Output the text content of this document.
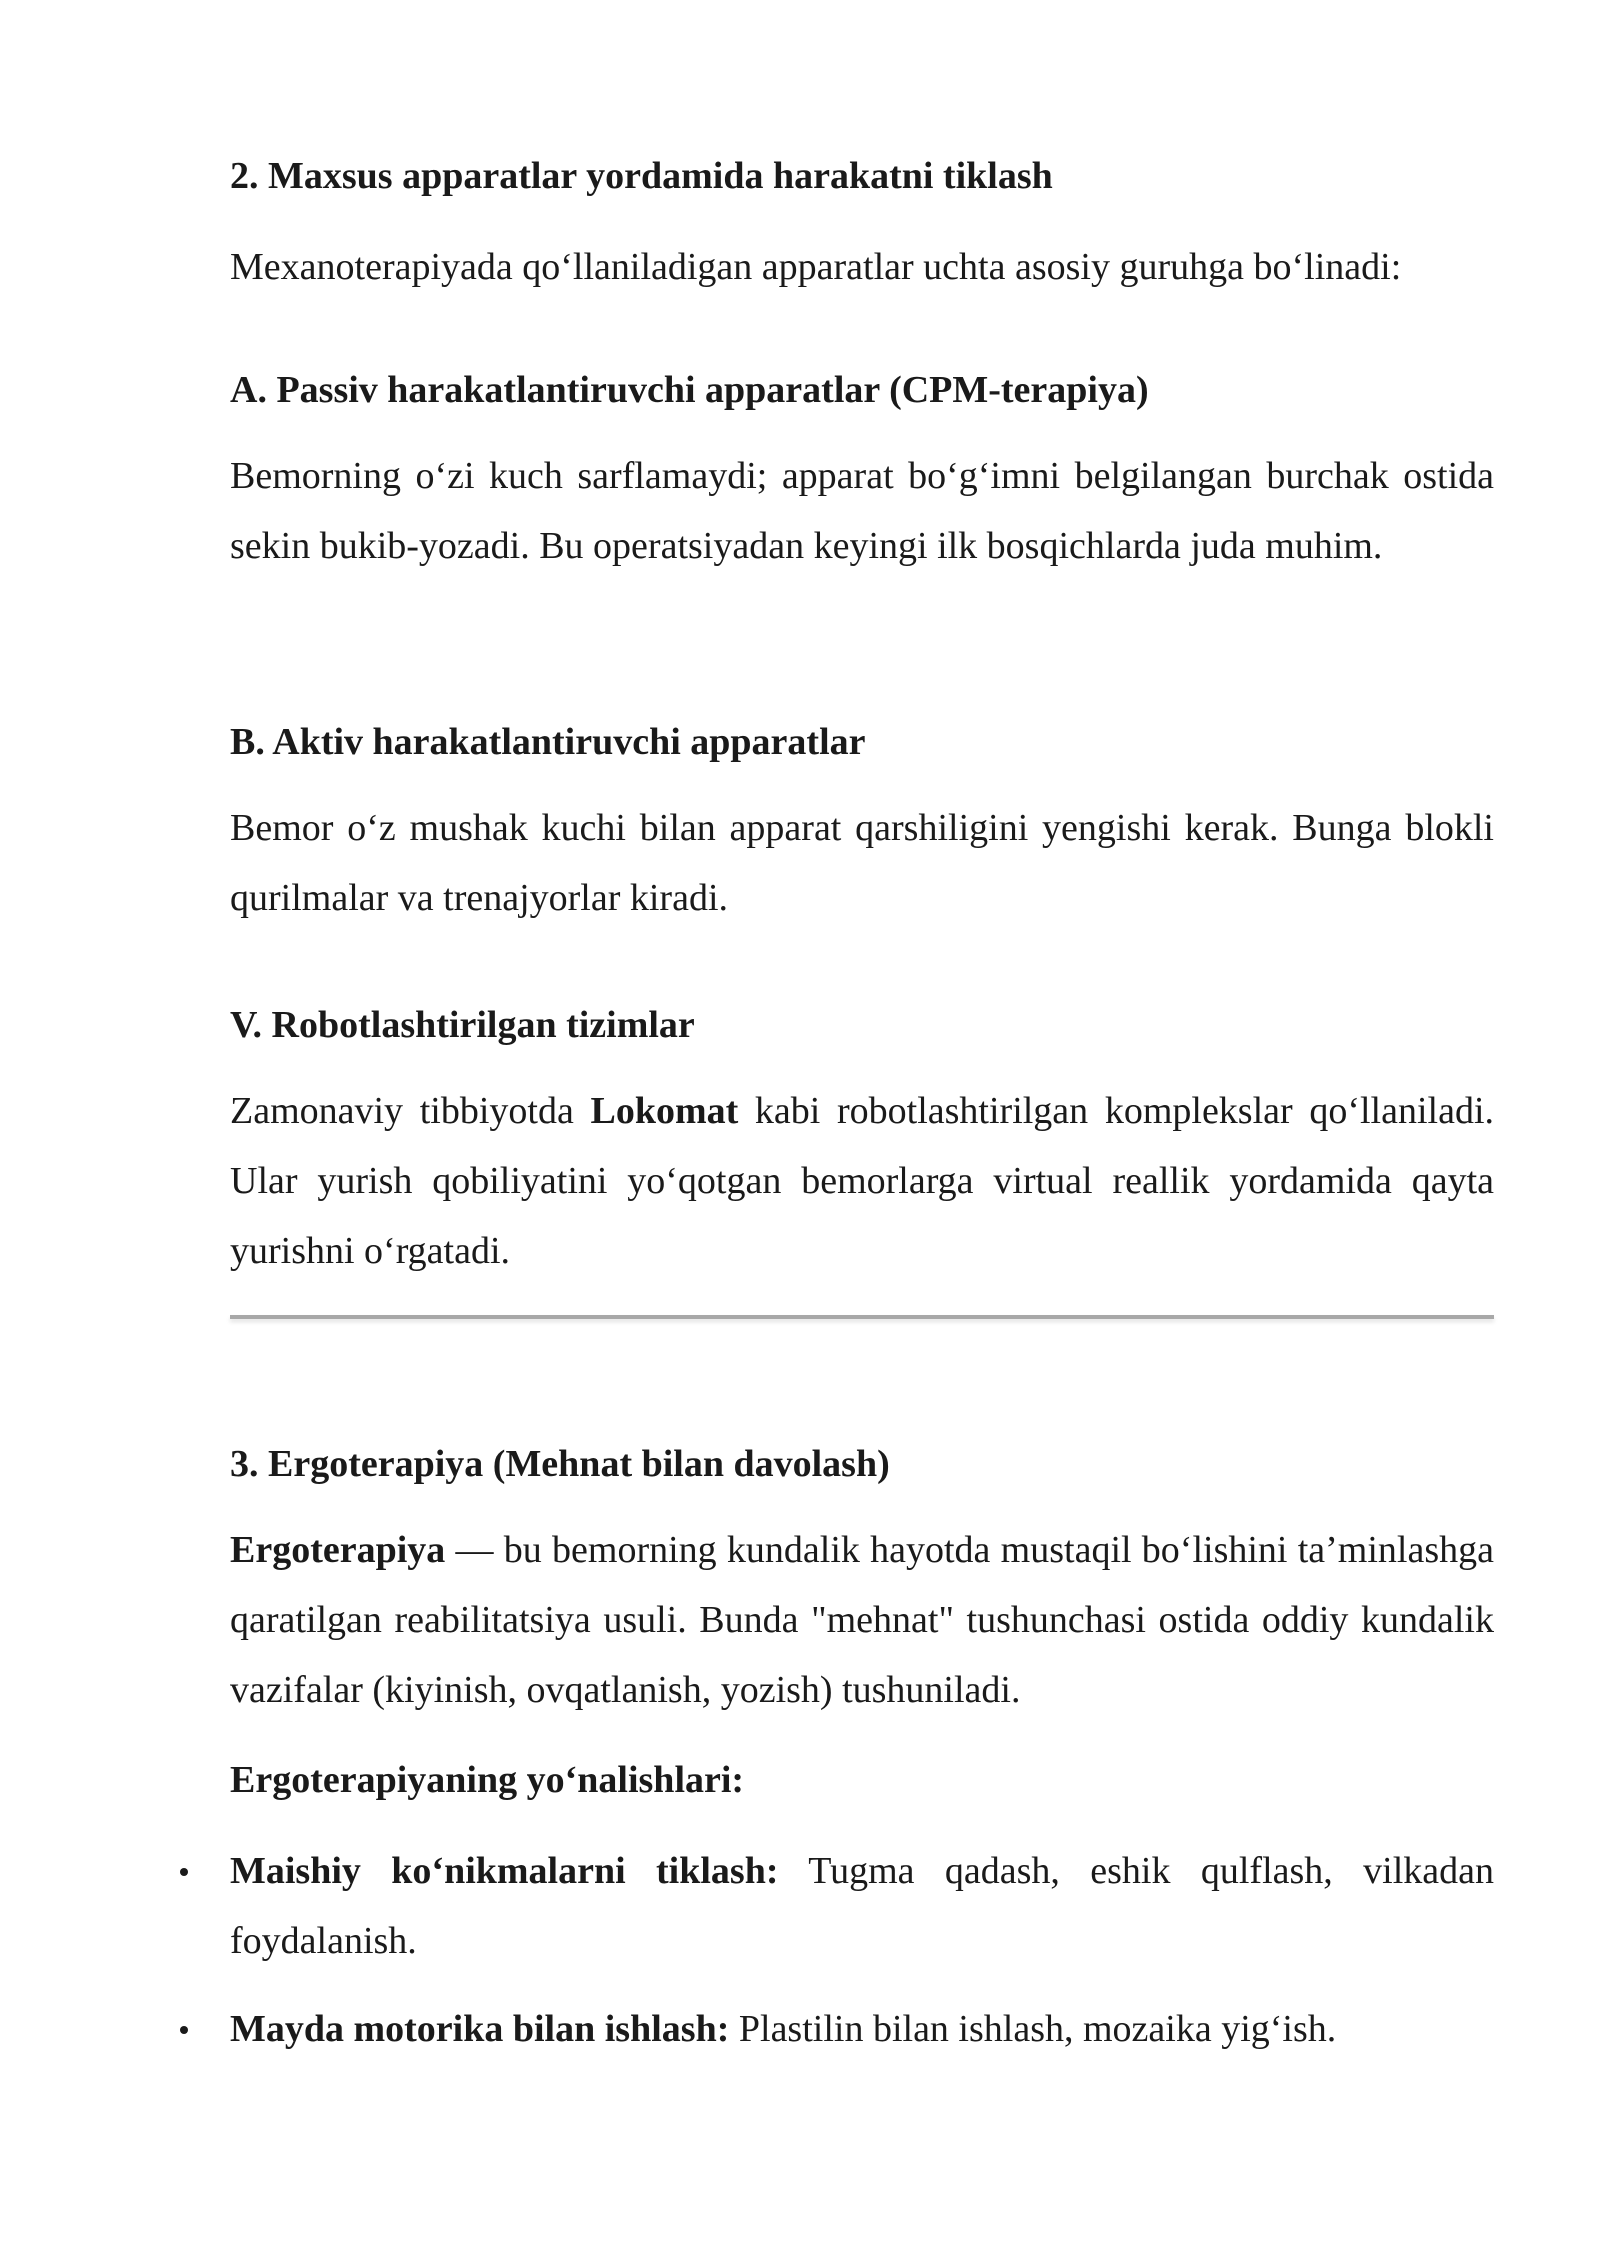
2. Maxsus apparatlar yordamida harakatni tiklash

Mexanoterapiyada qo‘llaniladigan apparatlar uchta asosiy guruhga bo‘linadi:

A. Passiv harakatlantiruvchi apparatlar (CPM-terapiya)

Bemorning o‘zi kuch sarflamaydi; apparat bo‘g‘imni belgilangan burchak ostida sekin bukib-yozadi. Bu operatsiyadan keyingi ilk bosqichlarda juda muhim.

B. Aktiv harakatlantiruvchi apparatlar

Bemor o‘z mushak kuchi bilan apparat qarshiligini yengishi kerak. Bunga blokli qurilmalar va trenajyorlar kiradi.

V. Robotlashtirilgan tizimlar

Zamonaviy tibbiyotda Lokomat kabi robotlashtirilgan komplekslar qo‘llaniladi. Ular yurish qobiliyatini yo‘qotgan bemorlarga virtual reallik yordamida qayta yurishni o‘rgatadi.

3. Ergoterapiya (Mehnat bilan davolash)

Ergoterapiya — bu bemorning kundalik hayotda mustaqil bo‘lishini ta’minlashga qaratilgan reabilitatsiya usuli. Bunda "mehnat" tushunchasi ostida oddiy kundalik vazifalar (kiyinish, ovqatlanish, yozish) tushuniladi.

Ergoterapiyaning yo‘nalishlari:
Maishiy ko‘nikmalarni tiklash: Tugma qadash, eshik qulflash, vilkadan foydalanish.
Mayda motorika bilan ishlash: Plastilin bilan ishlash, mozaika yig‘ish.
